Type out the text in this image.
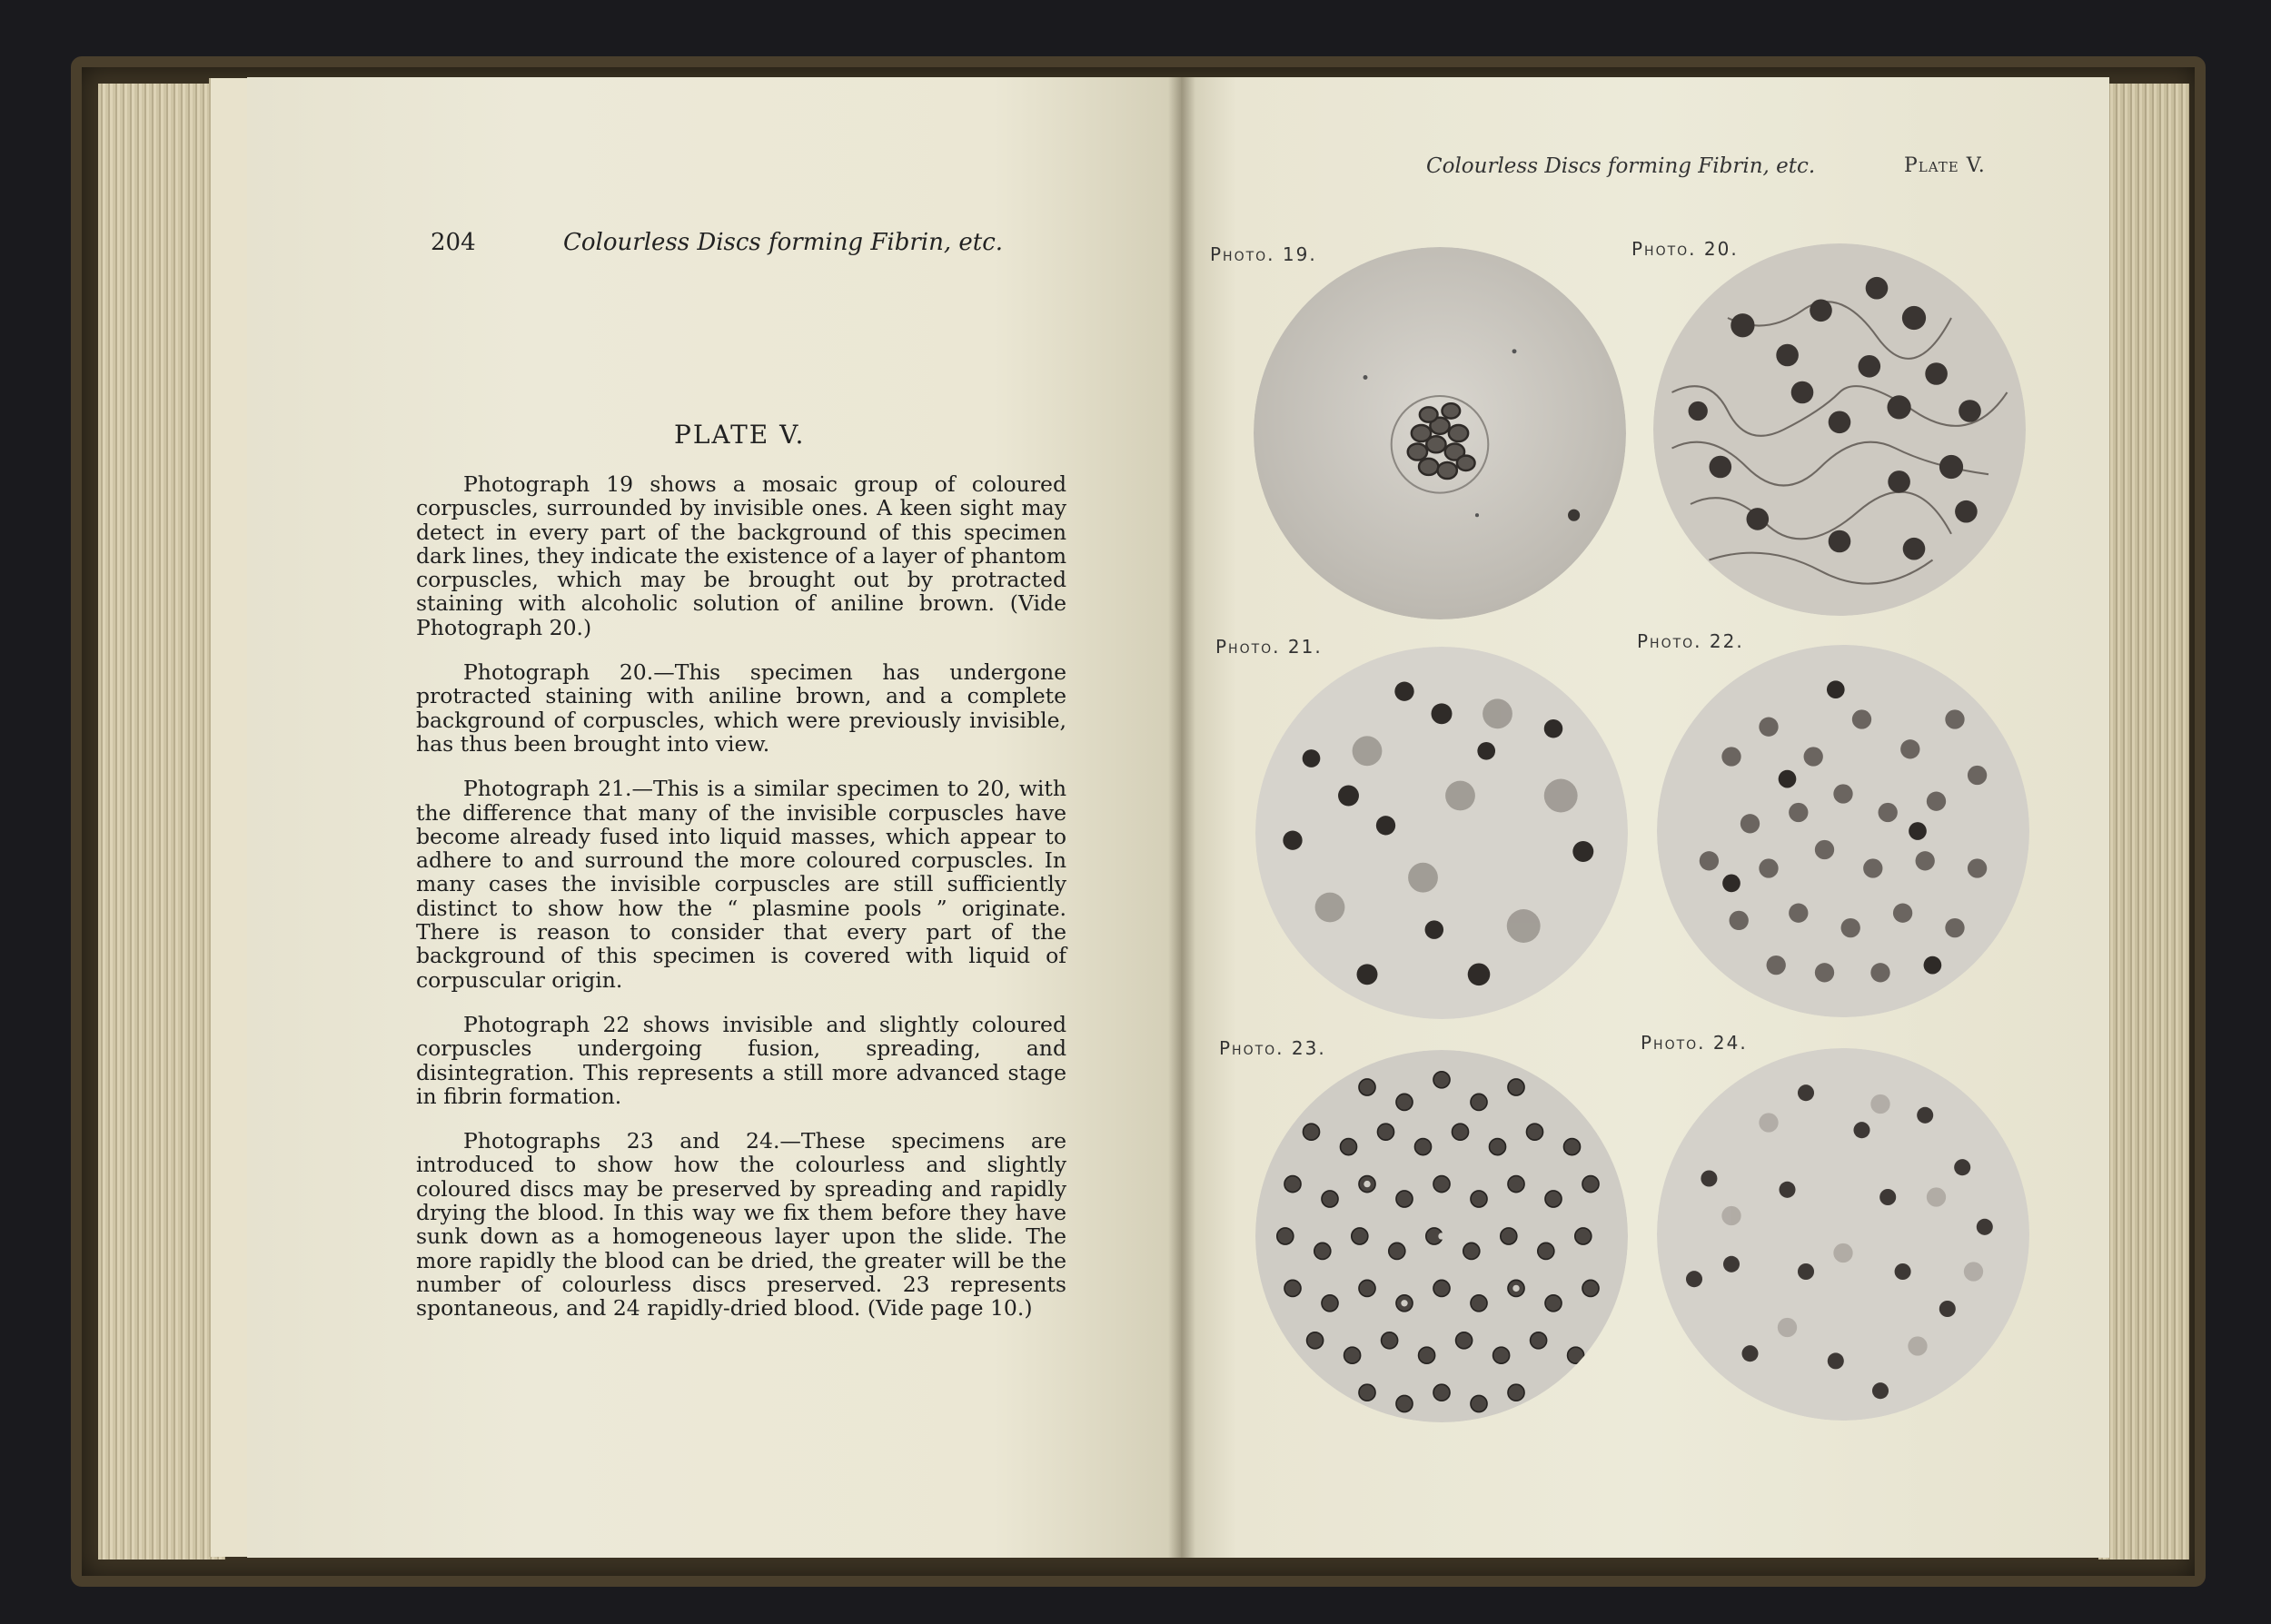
204	Colourless Discs forming Fibrin, etc.
PLATE V.

Photograph 19 shows a mosaic group of coloured corpuscles, surrounded by invisible ones. A keen sight may detect in every part of the background of this specimen dark lines, they indicate the existence of a layer of phantom corpuscles, which may be brought out by protracted staining with alcoholic solution of aniline brown. (Vide Photograph 20.)

Photograph 20.—This specimen has undergone protracted staining with aniline brown, and a complete background of corpuscles, which were previously invisible, has thus been brought into view.

Photograph 21.—This is a similar specimen to 20, with the difference that many of the invisible corpuscles have become already fused into liquid masses, which appear to adhere to and surround the more coloured corpuscles. In many cases the invisible corpuscles are still sufficiently distinct to show how the “ plasmine pools ” originate. There is reason to consider that every part of the background of this specimen is covered with liquid of corpuscular origin.

Photograph 22 shows invisible and slightly coloured corpuscles undergoing fusion, spreading, and disintegration. This represents a still more advanced stage in fibrin formation.

Photographs 23 and 24.—These specimens are introduced to show how the colourless and slightly coloured discs may be preserved by spreading and rapidly drying the blood. In this way we fix them before they have sunk down as a homogeneous layer upon the slide. The more rapidly the blood can be dried, the greater will be the number of colourless discs preserved. 23 represents spontaneous, and 24 rapidly-dried blood. (Vide page 10.)

Colourless Discs forming Fibrin, etc.	Plate V.
Photo. 19.	Photo. 20.
Photo. 21.	Photo. 22.
Photo. 23.	Photo. 24.
